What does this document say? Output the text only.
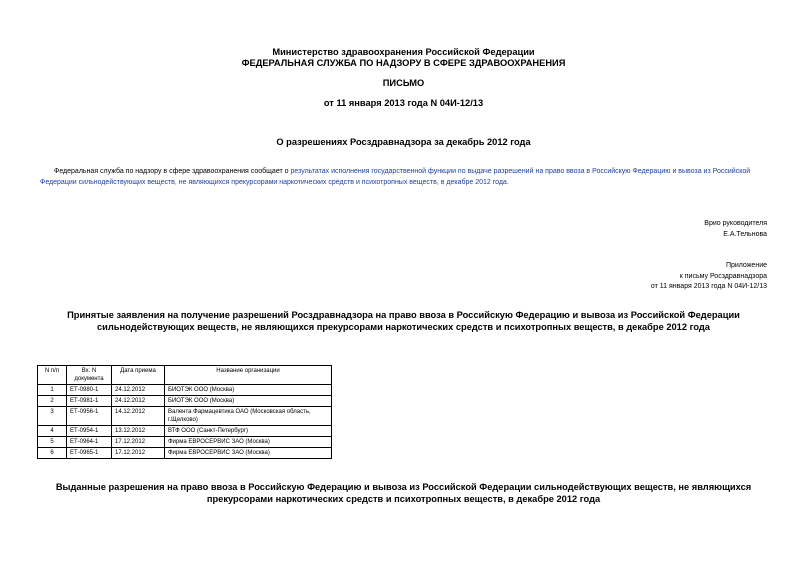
Министерство здравоохранения Российской Федерации
ФЕДЕРАЛЬНАЯ СЛУЖБА ПО НАДЗОРУ В СФЕРЕ ЗДРАВООХРАНЕНИЯ
ПИСЬМО
от 11 января 2013 года N 04И-12/13
О разрешениях Росздравнадзора за декабрь 2012 года
Федеральная служба по надзору в сфере здравоохранения сообщает о результатах исполнения государственной функции по выдаче разрешений на право ввоза в Российскую Федерацию и вывоза из Российской Федерации сильнодействующих веществ, не являющихся прекурсорами наркотических средств и психотропных веществ, в декабре 2012 года.
Врио руководителя
Е.А.Тельнова
Приложение
к письму Росздравнадзора
от 11 января 2013 года N 04И-12/13
Принятые заявления на получение разрешений Росздравнадзора на право ввоза в Российскую Федерацию и вывоза из Российской Федерации
сильнодействующих веществ, не являющихся прекурсорами наркотических средств и психотропных веществ, в декабре 2012 года
N п/п	Вх. N документа	Дата приема	Название организации
1	ЕТ-0980-1	24.12.2012	БИОТЭК ООО (Москва)
2	ЕТ-0981-1	24.12.2012	БИОТЭК ООО (Москва)
3	ЕТ-0956-1	14.12.2012	Валента Фармацевтика ОАО (Московская область, г.Щелково)
4	ЕТ-0954-1	13.12.2012	ВТФ ООО (Санкт-Петербург)
5	ЕТ-0964-1	17.12.2012	Фирма ЕВРОСЕРВИС ЗАО (Москва)
6	ЕТ-0965-1	17.12.2012	Фирма ЕВРОСЕРВИС ЗАО (Москва)
Выданные разрешения на право ввоза в Российскую Федерацию и вывоза из Российской Федерации сильнодействующих веществ, не являющихся
прекурсорами наркотических средств и психотропных веществ, в декабре 2012 года
